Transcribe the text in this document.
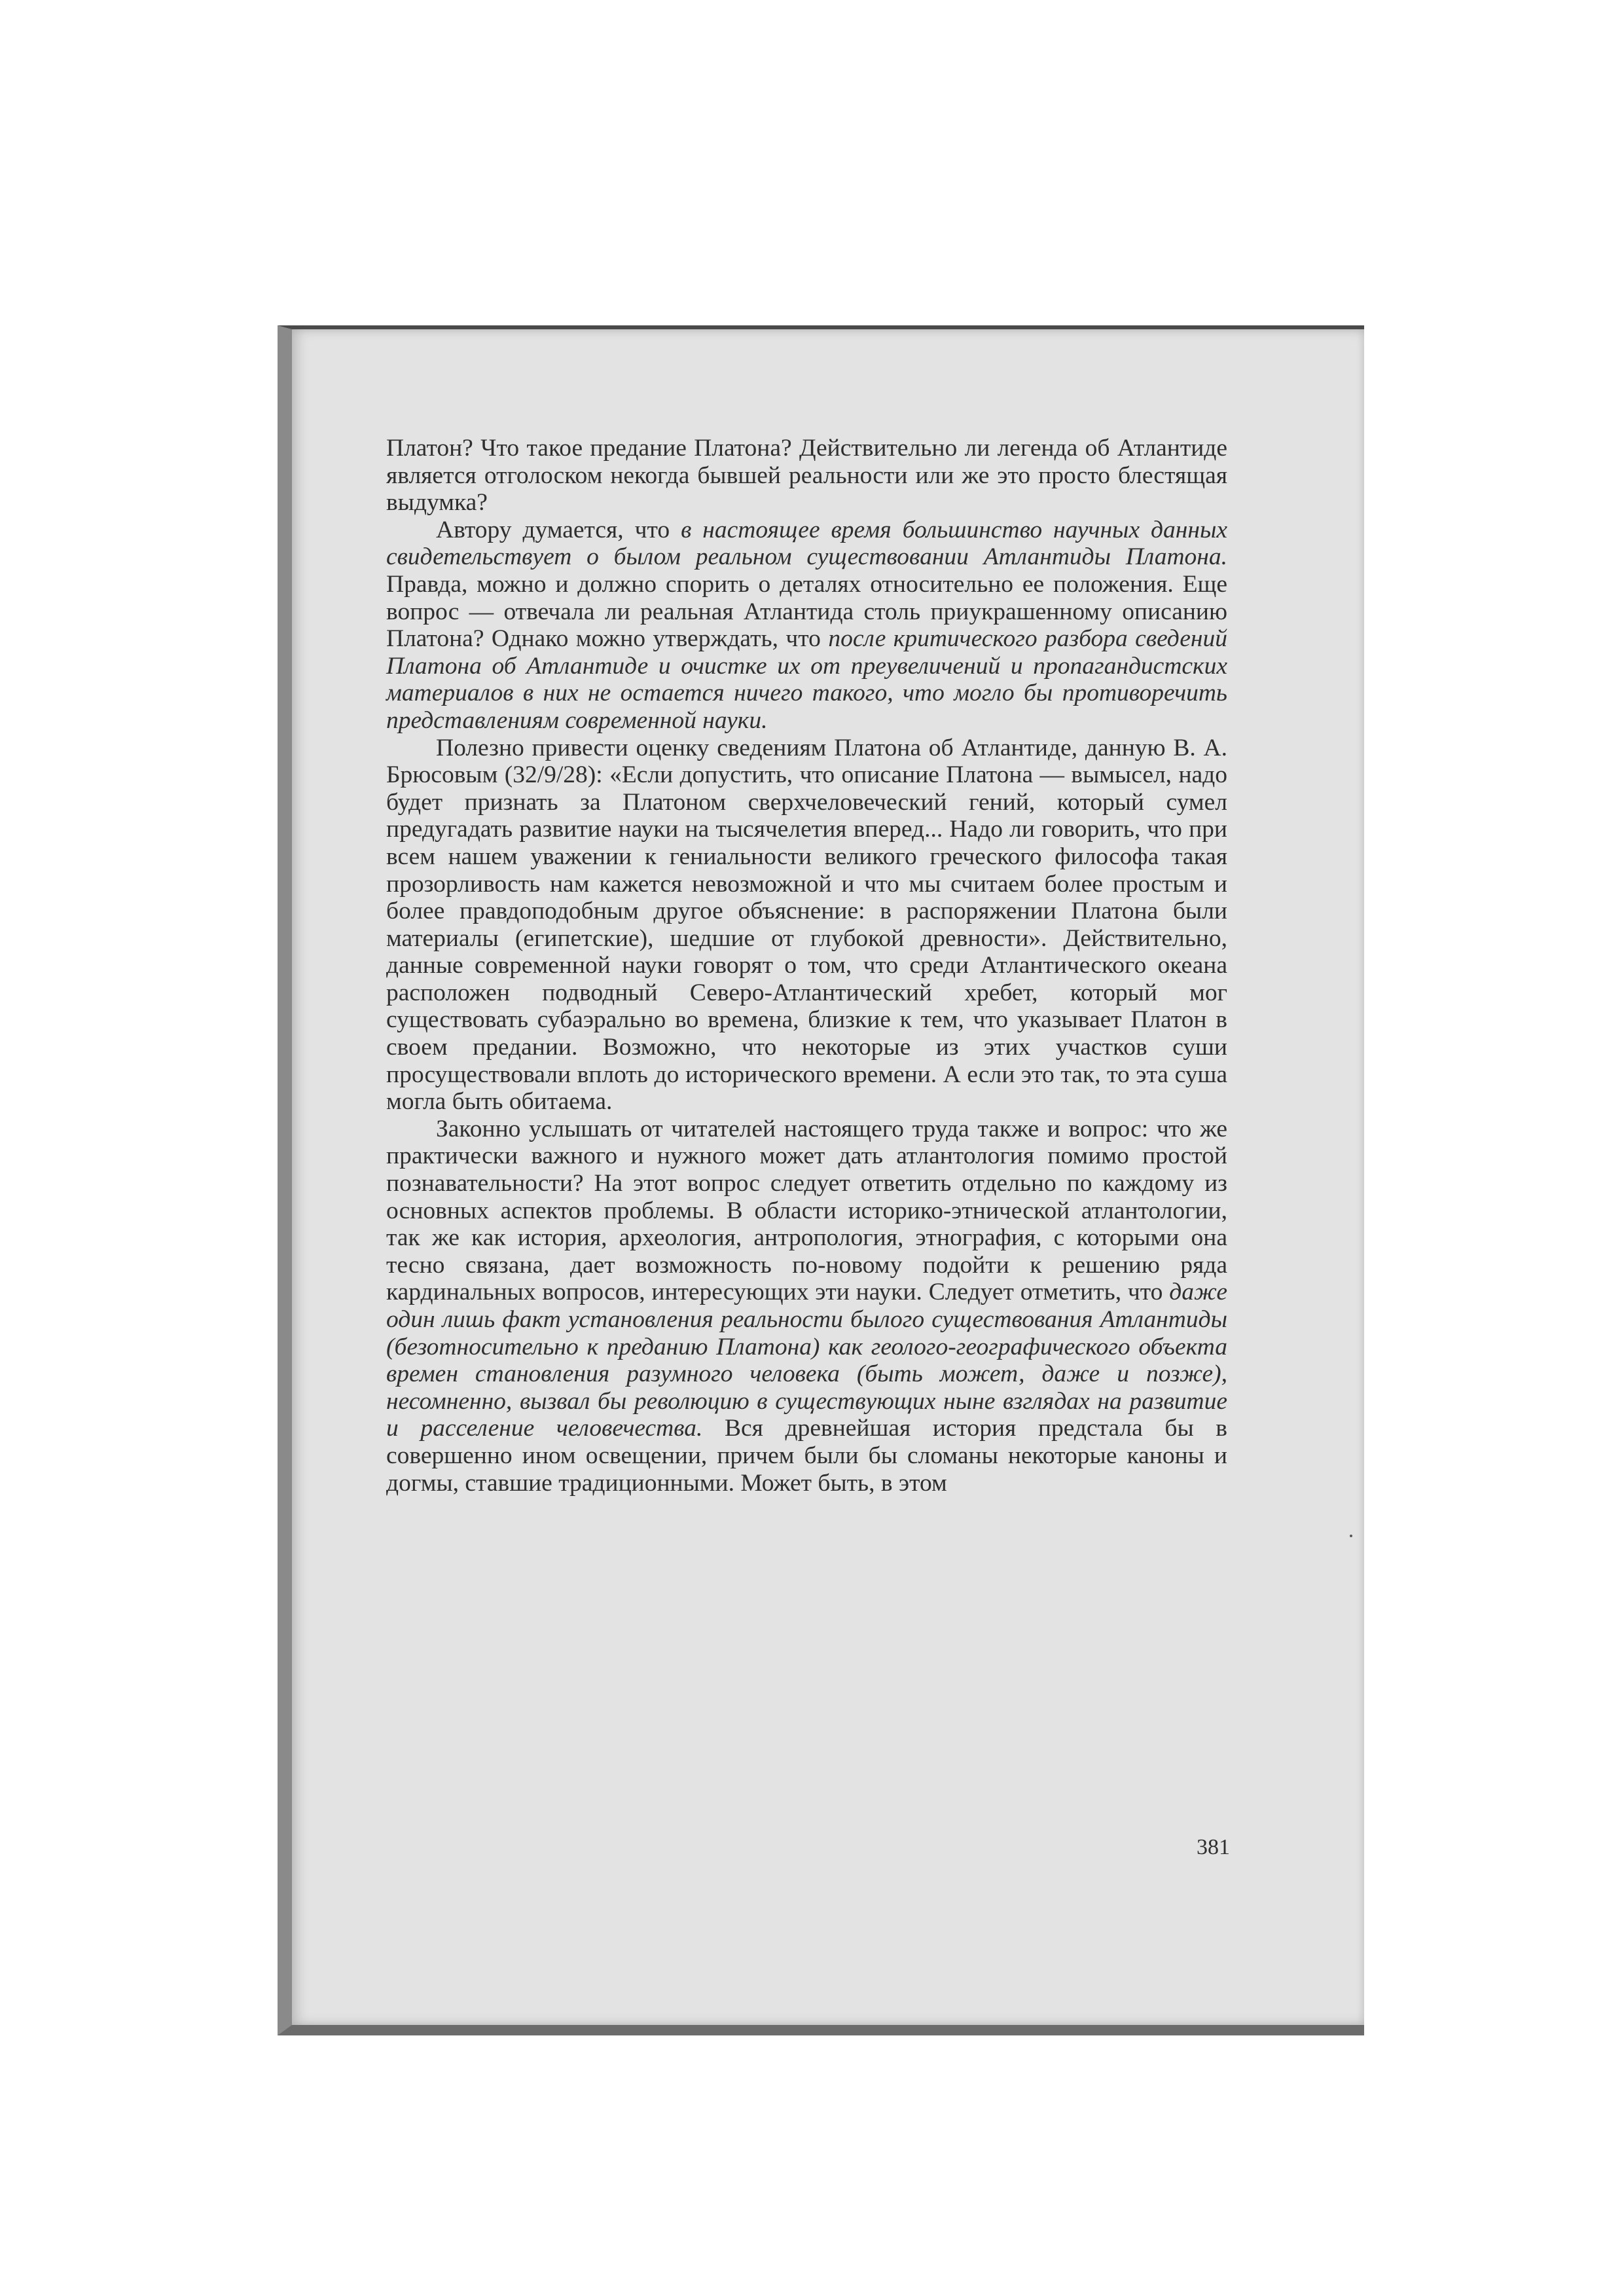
Платон? Что такое предание Платона? Действительно ли легенда об Атлантиде является отголоском некогда бывшей реальности или же это просто блестящая выдумка?

Автору думается, что в настоящее время большинство научных данных свидетельствует о былом реальном существовании Атлантиды Платона. Правда, можно и должно спорить о деталях относительно ее положения. Еще вопрос — отвечала ли реальная Атлантида столь приукрашенному описанию Платона? Однако можно утверждать, что после критического разбора сведений Платона об Атлантиде и очистке их от преувеличений и пропагандистских материалов в них не остается ничего такого, что могло бы противоречить представлениям современной науки.

Полезно привести оценку сведениям Платона об Атлантиде, данную В. А. Брюсовым (32/9/28): «Если допустить, что описание Платона — вымысел, надо будет признать за Платоном сверхчеловеческий гений, который сумел предугадать развитие науки на тысячелетия вперед... Надо ли говорить, что при всем нашем уважении к гениальности великого греческого философа такая прозорливость нам кажется невозможной и что мы считаем более простым и более правдоподобным другое объяснение: в распоряжении Платона были материалы (египетские), шедшие от глубокой древности». Действительно, данные современной науки говорят о том, что среди Атлантического океана расположен подводный Северо-Атлантический хребет, который мог существовать субаэрально во времена, близкие к тем, что указывает Платон в своем предании. Возможно, что некоторые из этих участков суши просуществовали вплоть до исторического времени. А если это так, то эта суша могла быть обитаема.

Законно услышать от читателей настоящего труда также и вопрос: что же практически важного и нужного может дать атлантология помимо простой познавательности? На этот вопрос следует ответить отдельно по каждому из основных аспектов проблемы. В области историко-этнической атлантологии, так же как история, археология, антропология, этнография, с которыми она тесно связана, дает возможность по-новому подойти к решению ряда кардинальных вопросов, интересующих эти науки. Следует отметить, что даже один лишь факт установления реальности былого существования Атлантиды (безотносительно к преданию Платона) как геолого-географического объекта времен становления разумного человека (быть может, даже и позже), несомненно, вызвал бы революцию в существующих ныне взглядах на развитие и расселение человечества. Вся древнейшая история предстала бы в совершенно ином освещении, причем были бы сломаны некоторые каноны и догмы, ставшие традиционными. Может быть, в этом

381
